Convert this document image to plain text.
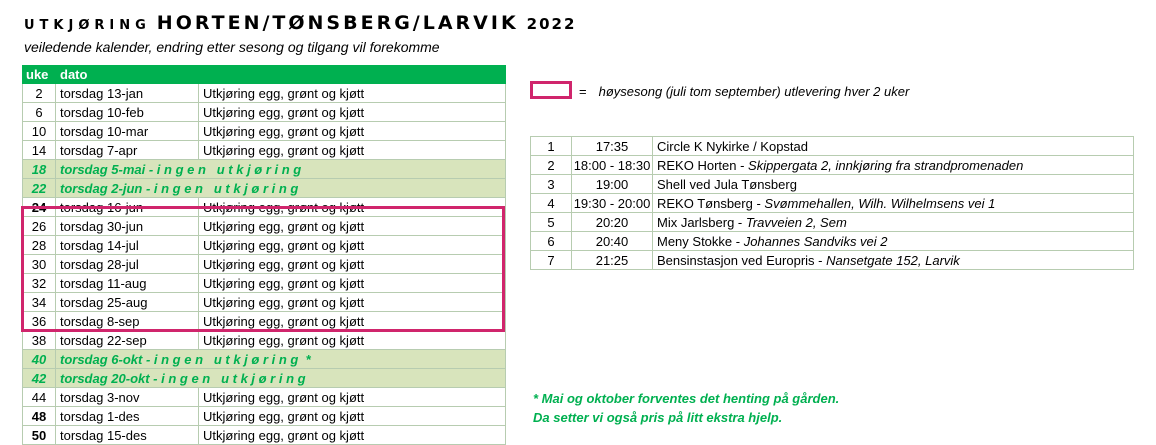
UTKJØRING HORTEN/TØNSBERG/LARVIK 2022
veiledende kalender, endring etter sesong og tilgang vil forekomme
uke	dato	
2	torsdag 13-jan	Utkjøring egg, grønt og kjøtt
6	torsdag 10-feb	Utkjøring egg, grønt og kjøtt
10	torsdag 10-mar	Utkjøring egg, grønt og kjøtt
14	torsdag 7-apr	Utkjøring egg, grønt og kjøtt
18	torsdag 5-mai - i n g e n   u t k j ø r i n g	
22	torsdag 2-jun - i n g e n   u t k j ø r i n g	
24	torsdag 16-jun	Utkjøring egg, grønt og kjøtt
26	torsdag 30-jun	Utkjøring egg, grønt og kjøtt
28	torsdag 14-jul	Utkjøring egg, grønt og kjøtt
30	torsdag 28-jul	Utkjøring egg, grønt og kjøtt
32	torsdag 11-aug	Utkjøring egg, grønt og kjøtt
34	torsdag 25-aug	Utkjøring egg, grønt og kjøtt
36	torsdag 8-sep	Utkjøring egg, grønt og kjøtt
38	torsdag 22-sep	Utkjøring egg, grønt og kjøtt
40	torsdag 6-okt - i n g e n   u t k j ø r i n g  *	
42	torsdag 20-okt - i n g e n   u t k j ø r i n g	
44	torsdag 3-nov	Utkjøring egg, grønt og kjøtt
48	torsdag 1-des	Utkjøring egg, grønt og kjøtt
50	torsdag 15-des	Utkjøring egg, grønt og kjøtt
= høysesong (juli tom september) utlevering hver 2 uker
1	17:35	Circle K Nykirke / Kopstad
2	18:00 - 18:30	REKO Horten - Skippergata 2, innkjøring fra strandpromenaden
3	19:00	Shell ved Jula Tønsberg
4	19:30 - 20:00	REKO Tønsberg - Svømmehallen, Wilh. Wilhelmsens vei 1
5	20:20	Mix Jarlsberg - Travveien 2, Sem
6	20:40	Meny Stokke - Johannes Sandviks vei 2
7	21:25	Bensinstasjon ved Europris - Nansetgate 152, Larvik
* Mai og oktober forventes det henting på gården.
Da setter vi også pris på litt ekstra hjelp.
